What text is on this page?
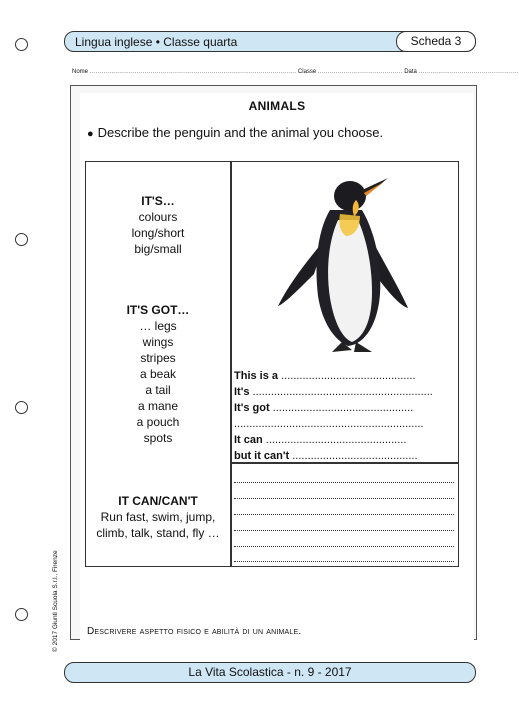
Lingua inglese • Classe quarta	Scheda 3
Nome ......................................................................................................... Classe ........................................... Data ...................................................
ANIMALS
● Describe the penguin and the animal you choose.
IT'S…
colours
long/short
big/small
IT'S GOT…
… legs
wings
stripes
a beak
a tail
a mane
a pouch
spots
IT CAN/CAN'T
Run fast, swim, jump,
climb, talk, stand, fly …
This is a ............................................
It's ...........................................................
It's got ..............................................
..............................................................
It can ..............................................
but it can't .........................................
Descrivere aspetto fisico e abilità di un animale.
© 2017 Giunti Scuola S.r.l., Firenze
La Vita Scolastica - n. 9 - 2017
